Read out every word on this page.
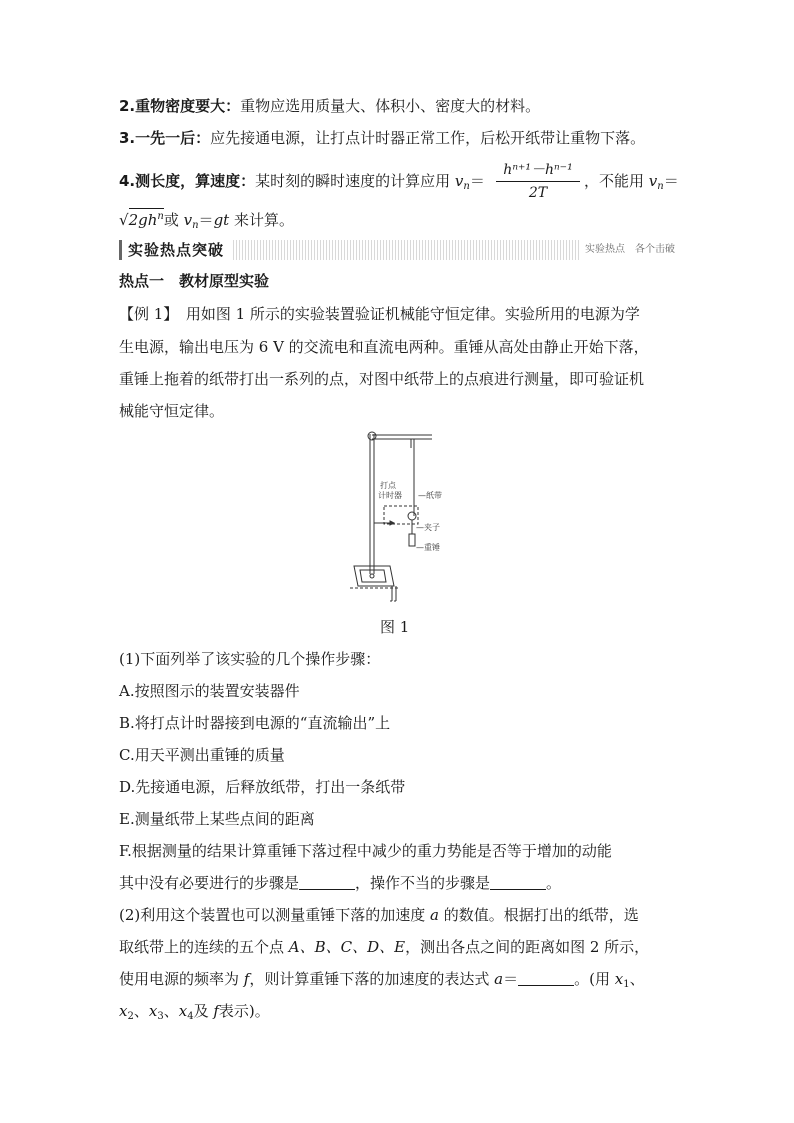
2.重物密度要大：重物应选用质量大、体积小、密度大的材料。
3.一先一后：应先接通电源，让打点计时器正常工作，后松开纸带让重物下落。
4.测长度，算速度：某时刻的瞬时速度的计算应用 $v_n=$
hⁿ⁺¹－hⁿ⁻¹
2T
，不能用 $v_n=$
$√2gh^n$或 $v_n=gt$ 来计算。
实验热点突破	实验热点　各个击破
热点一　教材原型实验
【例 1】　用如图 1 所示的实验装置验证机械能守恒定律。实验所用的电源为学
生电源，输出电压为 6 V 的交流电和直流电两种。重锤从高处由静止开始下落，
重锤上拖着的纸带打出一系列的点，对图中纸带上的点痕进行测量，即可验证机
械能守恒定律。
打点
计时器 —纸带
—夹子
—重锤
图 1
(1)下面列举了该实验的几个操作步骤：
A.按照图示的装置安装器件
B.将打点计时器接到电源的“直流输出”上
C.用天平测出重锤的质量
D.先接通电源，后释放纸带，打出一条纸带
E.测量纸带上某些点间的距离
F.根据测量的结果计算重锤下落过程中减少的重力势能是否等于增加的动能
其中没有必要进行的步骤是	，操作不当的步骤是	。
(2)利用这个装置也可以测量重锤下落的加速度 a 的数值。根据打出的纸带，选
取纸带上的连续的五个点 A、B、C、D、E，测出各点之间的距离如图 2 所示，
使用电源的频率为 f，则计算重锤下落的加速度的表达式 a＝	。(用 $x_1$、
$x_2$、$x_3$、$x_4$及 f表示)。
